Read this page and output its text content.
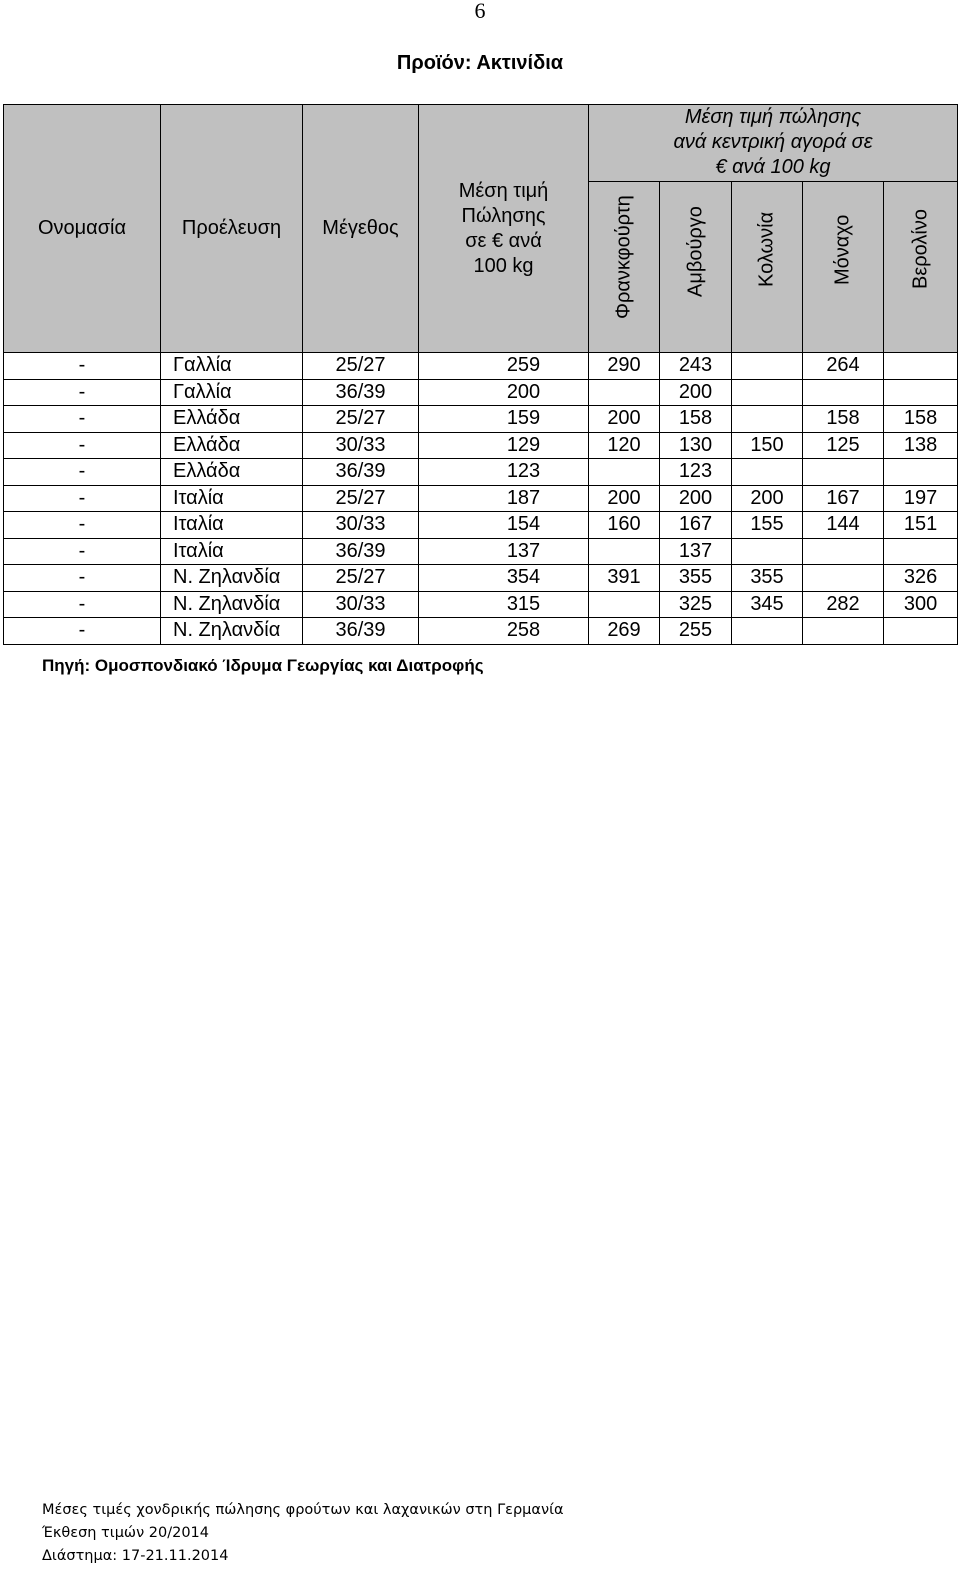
6
Προϊόν: Ακτινίδια
Ονομασία	Προέλευση	Μέγεθος	Μέση τιμή Πώλησης σε € ανά 100 kg	Μέση τιμή πώλησης ανά κεντρική αγορά σε € ανά 100 kg				

				Φρανκφούρτη	Αμβούργο	Κολωνία	Μόναχο	Βερολίνο

-	Γαλλία	25/27	259	290	243		264	
-	Γαλλία	36/39	200		200			
-	Ελλάδα	25/27	159	200	158		158	158
-	Ελλάδα	30/33	129	120	130	150	125	138
-	Ελλάδα	36/39	123		123			
-	Ιταλία	25/27	187	200	200	200	167	197
-	Ιταλία	30/33	154	160	167	155	144	151
-	Ιταλία	36/39	137		137			
-	Ν. Ζηλανδία	25/27	354	391	355	355		326
-	Ν. Ζηλανδία	30/33	315		325	345	282	300
-	Ν. Ζηλανδία	36/39	258	269	255			
Πηγή: Ομοσπονδιακό Ίδρυμα Γεωργίας και Διατροφής
Μέσες τιμές χονδρικής πώλησης φρούτων και λαχανικών στη Γερμανία
Έκθεση τιμών 20/2014
Διάστημα: 17-21.11.2014
